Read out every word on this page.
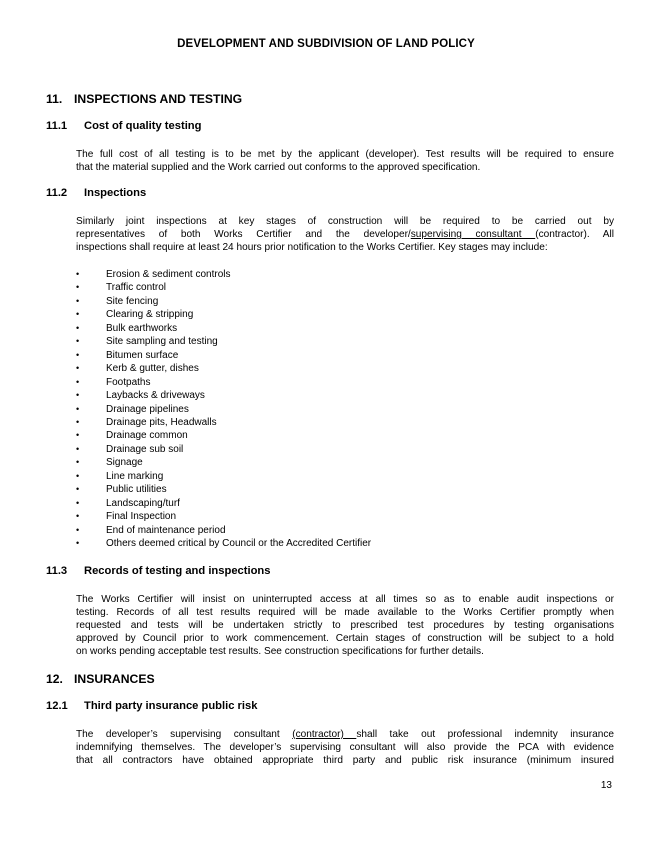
DEVELOPMENT AND SUBDIVISION OF LAND POLICY
11. INSPECTIONS AND TESTING
11.1 Cost of quality testing
The full cost of all testing is to be met by the applicant (developer). Test results will be required to ensure
that the material supplied and the Work carried out conforms to the approved specification.
11.2 Inspections
Similarly joint inspections at key stages of construction will be required to be carried out by
representatives of both Works Certifier and the developer/supervising consultant (contractor). All
inspections shall require at least 24 hours prior notification to the Works Certifier. Key stages may include:
•	Erosion & sediment controls
•	Traffic control
•	Site fencing
•	Clearing & stripping
•	Bulk earthworks
•	Site sampling and testing
•	Bitumen surface
•	Kerb & gutter, dishes
•	Footpaths
•	Laybacks & driveways
•	Drainage pipelines
•	Drainage pits, Headwalls
•	Drainage common
•	Drainage sub soil
•	Signage
•	Line marking
•	Public utilities
•	Landscaping/turf
•	Final Inspection
•	End of maintenance period
•	Others deemed critical by Council or the Accredited Certifier
11.3 Records of testing and inspections
The Works Certifier will insist on uninterrupted access at all times so as to enable audit inspections or
testing. Records of all test results required will be made available to the Works Certifier promptly when
requested and tests will be undertaken strictly to prescribed test procedures by testing organisations
approved by Council prior to work commencement. Certain stages of construction will be subject to a hold
on works pending acceptable test results. See construction specifications for further details.
12. INSURANCES
12.1 Third party insurance public risk
The developer’s supervising consultant (contractor) shall take out professional indemnity insurance
indemnifying themselves. The developer’s supervising consultant will also provide the PCA with evidence
that all contractors have obtained appropriate third party and public risk insurance (minimum insured
13
